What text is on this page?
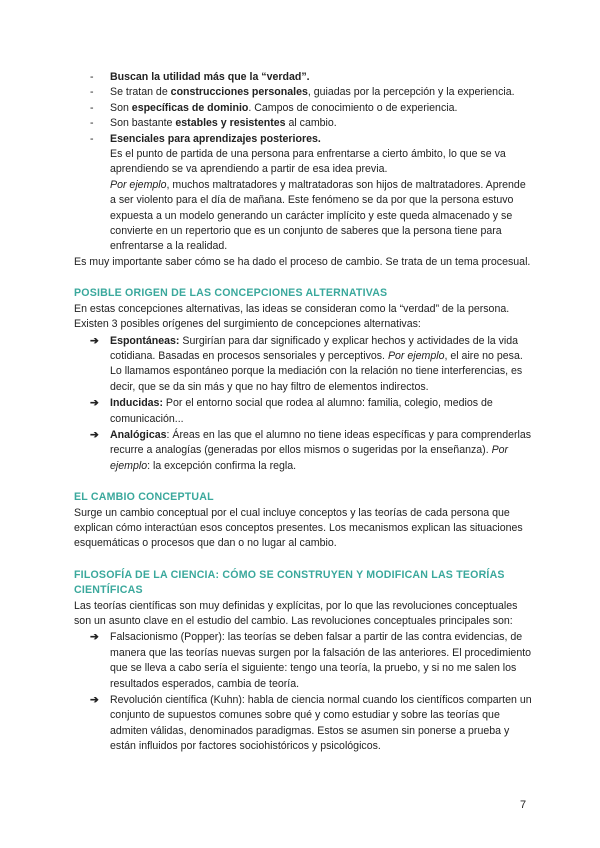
- Buscan la utilidad más que la “verdad”.
- Se tratan de construcciones personales, guiadas por la percepción y la experiencia.
- Son específicas de dominio. Campos de conocimiento o de experiencia.
- Son bastante estables y resistentes al cambio.
- Esenciales para aprendizajes posteriores.
Es el punto de partida de una persona para enfrentarse a cierto ámbito, lo que se va aprendiendo se va aprendiendo a partir de esa idea previa.
Por ejemplo, muchos maltratadores y maltratadoras son hijos de maltratadores. Aprende a ser violento para el día de mañana. Este fenómeno se da por que la persona estuvo expuesta a un modelo generando un carácter implícito y este queda almacenado y se convierte en un repertorio que es un conjunto de saberes que la persona tiene para enfrentarse a la realidad.

Es muy importante saber cómo se ha dado el proceso de cambio. Se trata de un tema procesual.

POSIBLE ORIGEN DE LAS CONCEPCIONES ALTERNATIVAS

En estas concepciones alternativas, las ideas se consideran como la “verdad” de la persona. Existen 3 posibles orígenes del surgimiento de concepciones alternativas:

➔ Espontáneas: Surgirían para dar significado y explicar hechos y actividades de la vida cotidiana. Basadas en procesos sensoriales y perceptivos. Por ejemplo, el aire no pesa. Lo llamamos espontáneo porque la mediación con la relación no tiene interferencias, es decir, que se da sin más y que no hay filtro de elementos indirectos.
➔ Inducidas: Por el entorno social que rodea al alumno: familia, colegio, medios de comunicación...
➔ Analógicas: Áreas en las que el alumno no tiene ideas específicas y para comprenderlas recurre a analogías (generadas por ellos mismos o sugeridas por la enseñanza). Por ejemplo: la excepción confirma la regla.
EL CAMBIO CONCEPTUAL

Surge un cambio conceptual por el cual incluye conceptos y las teorías de cada persona que explican cómo interactúan esos conceptos presentes. Los mecanismos explican las situaciones esquemáticas o procesos que dan o no lugar al cambio.

FILOSOFÍA DE LA CIENCIA: CÓMO SE CONSTRUYEN Y MODIFICAN LAS TEORÍAS CIENTÍFICAS

Las teorías científicas son muy definidas y explícitas, por lo que las revoluciones conceptuales son un asunto clave en el estudio del cambio. Las revoluciones conceptuales principales son:

➔ Falsacionismo (Popper): las teorías se deben falsar a partir de las contra evidencias, de manera que las teorías nuevas surgen por la falsación de las anteriores. El procedimiento que se lleva a cabo sería el siguiente: tengo una teoría, la pruebo, y si no me salen los resultados esperados, cambia de teoría.
➔ Revolución científica (Kuhn): habla de ciencia normal cuando los científicos comparten un conjunto de supuestos comunes sobre qué y como estudiar y sobre las teorías que admiten válidas, denominados paradigmas. Estos se asumen sin ponerse a prueba y están influidos por factores sociohistóricos y psicológicos.
7
